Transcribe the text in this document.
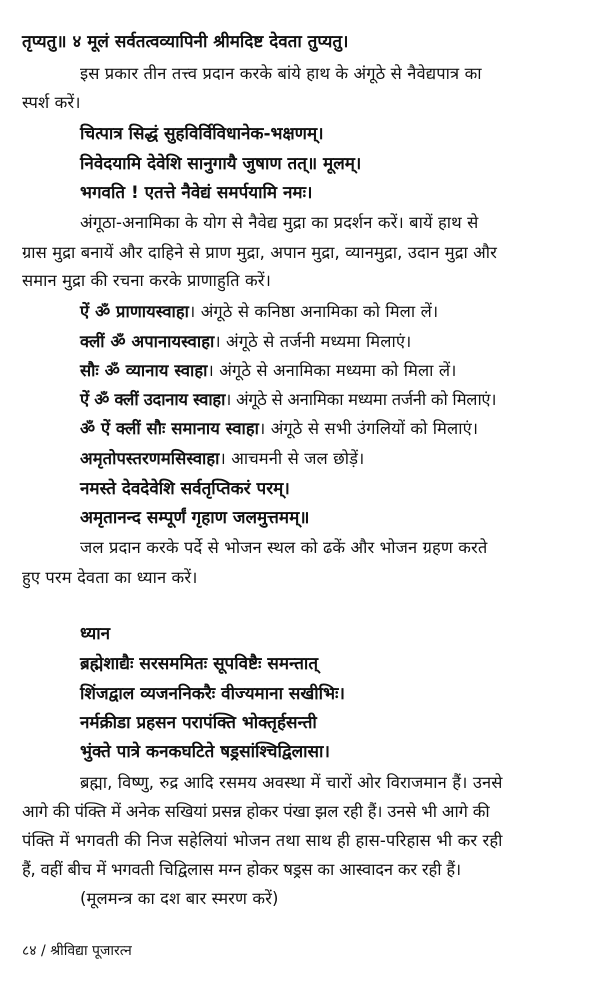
तृप्यतु॥ ४ मूलं सर्वतत्वव्यापिनी श्रीमदिष्ट देवता तुप्यतु।
इस प्रकार तीन तत्त्व प्रदान करके बांये हाथ के अंगूठे से नैवेद्यपात्र का
स्पर्श करें।
चित्पात्र सिद्धं सुहविर्विविधानेक-भक्षणम्।
निवेदयामि देवेशि सानुगायै जुषाण तत्॥ मूलम्।
भगवति ! एतत्ते नैवेद्यं समर्पयामि नमः।
अंगूठा-अनामिका के योग से नैवेद्य मुद्रा का प्रदर्शन करें। बायें हाथ से
ग्रास मुद्रा बनायें और दाहिने से प्राण मुद्रा, अपान मुद्रा, व्यानमुद्रा, उदान मुद्रा और
समान मुद्रा की रचना करके प्राणाहुति करें।
ऐं ॐ प्राणायस्वाहा। अंगूठे से कनिष्ठा अनामिका को मिला लें।
क्लीं ॐ अपानायस्वाहा। अंगूठे से तर्जनी मध्यमा मिलाएं।
सौः ॐ व्यानाय स्वाहा। अंगूठे से अनामिका मध्यमा को मिला लें।
ऐं ॐ क्लीं उदानाय स्वाहा। अंगूठे से अनामिका मध्यमा तर्जनी को मिलाएं।
ॐ ऐं क्लीं सौः समानाय स्वाहा। अंगूठे से सभी उंगलियों को मिलाएं।
अमृतोपस्तरणमसिस्वाहा। आचमनी से जल छोड़ें।
नमस्ते देवदेवेशि सर्वतृप्तिकरं परम्।
अमृतानन्द सम्पूर्णं गृहाण जलमुत्तमम्॥
जल प्रदान करके पर्दे से भोजन स्थल को ढकें और भोजन ग्रहण करते
हुए परम देवता का ध्यान करें।
ध्यान
ब्रह्मेशाद्यैः सरसममितः सूपविष्टैः समन्तात्
शिंजद्वाल व्यजननिकरैः वीज्यमाना सखीभिः।
नर्मक्रीडा प्रहसन परापंक्ति भोक्तृर्हसन्ती
भुंक्ते पात्रे कनकघटिते षड्रसांश्चिद्विलासा।
ब्रह्मा, विष्णु, रुद्र आदि रसमय अवस्था में चारों ओर विराजमान हैं। उनसे
आगे की पंक्ति में अनेक सखियां प्रसन्न होकर पंखा झल रही हैं। उनसे भी आगे की
पंक्ति में भगवती की निज सहेलियां भोजन तथा साथ ही हास-परिहास भी कर रही
हैं, वहीं बीच में भगवती चिद्विलास मग्न होकर षड्रस का आस्वादन कर रही हैं।
(मूलमन्त्र का दश बार स्मरण करें)
८४ / श्रीविद्या पूजारत्न
